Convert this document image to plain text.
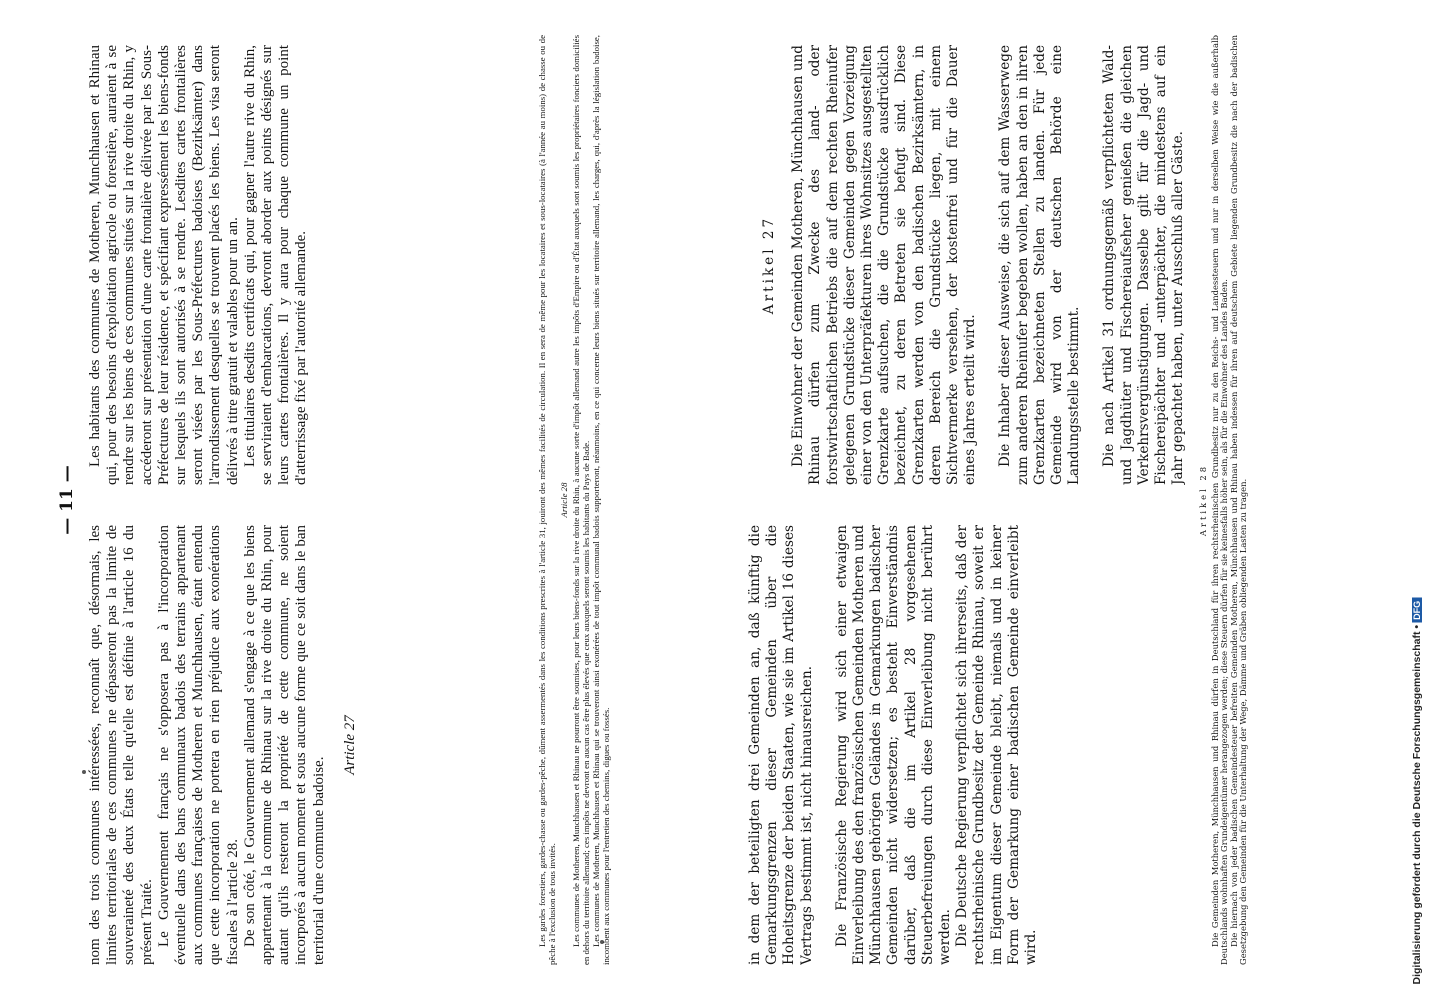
— 11 —
in dem der beteiligten drei Gemeinden an, daß künftig die Gemarkungsgrenzen dieser Gemeinden über die Hoheitsgrenze der beiden Staaten, wie sie im Artikel 16 dieses Vertrags bestimmt ist, nicht hinausreichen. Die Französische Regierung wird sich einer etwaigen Einverleibung des den französischen Gemeinden Motheren und Münchhausen gehörigen Geländes in Gemarkungen badischer Gemeinden nicht widersetzen; es besteht Einverständnis darüber, daß die im Artikel 28 vorgesehenen Steuerbefreiungen durch diese Einverleibung nicht berührt werden. Die Deutsche Regierung verpflichtet sich ihrerseits, daß der rechtsrheinische Grundbesitz der Gemeinde Rhinau, soweit er im Eigentum dieser Gemeinde bleibt, niemals und in keiner Form der Gemarkung einer badischen Gemeinde einverleibt wird.
Artikel 27 Die Einwohner der Gemeinden Motheren, Münchhausen und Rhinau dürfen zum Zwecke des land- oder forstwirtschaftlichen Betriebs die auf dem rechten Rheinufer gelegenen Grundstücke dieser Gemeinden gegen Vorzeigung einer von den Unterpräfekturen ihres Wohnsitzes ausgestellten Grenzkarte aufsuchen, die die Grundstücke ausdrücklich bezeichnet, zu deren Betreten sie befugt sind. Diese Grenzkarten werden von den badischen Bezirksämtern, in deren Bereich die Grundstücke liegen, mit einem Sichtvermerke versehen, der kostenfrei und für die Dauer eines Jahres erteilt wird. Die Inhaber dieser Ausweise, die sich auf dem Wasserwege zum anderen Rheinufer begeben wollen, haben an den in ihren Grenzkarten bezeichneten Stellen zu landen. Für jede Gemeinde wird von der deutschen Behörde eine Landungsstelle bestimmt. Die nach Artikel 31 ordnungsgemäß verpflichteten Wald- und Jagdhüter und Fischereiaufseher genießen die gleichen Verkehrsvergünstigungen. Dasselbe gilt für die Jagd- und Fischereipächter und -unterpächter, die mindestens auf ein Jahr gepachtet haben, unter Ausschluß aller Gäste.
nom des trois communes intéressées, reconnaît que, désormais, les limites territoriales de ces communes ne dépasseront pas la limite de souveraineté des deux États telle qu'elle est définie à l'article 16 du présent Traité. Le Gouvernement français ne s'opposera pas à l'incorporation éventuelle dans des bans communaux badois des terrains appartenant aux communes françaises de Motheren et Munchhausen, étant entendu que cette incorporation ne portera en rien préjudice aux exonérations fiscales à l'article 28. De son côté, le Gouvernement allemand s'engage à ce que les biens appartenant à la commune de Rhinau sur la rive droite du Rhin, pour autant qu'ils resteront la propriété de cette commune, ne soient incorporés à aucun moment et sous aucune forme que ce soit dans le ban territorial d'une commune badoise.
Article 27
Les habitants des communes de Motheren, Munchhausen et Rhinau qui, pour des besoins d'exploitation agricole ou forestière, auraient à se rendre sur les biens de ces communes situés sur la rive droite du Rhin, y accéderont sur présentation d'une carte frontalière délivrée par les Sous-Préfectures de leur résidence, et spécifiant expressément les biens-fonds sur lesquels ils sont autorisés à se rendre. Lesdites cartes frontalières seront visées par les Sous-Préfectures badoises (Bezirksämter) dans l'arrondissement desquelles se trouvent placés les biens. Les visa seront délivrés à titre gratuit et valables pour un an. Les titulaires desdits certificats qui, pour gagner l'autre rive du Rhin, se serviraient d'embarcations, devront aborder aux points désignés sur leurs cartes frontalières. Il y aura pour chaque commune un point d'atterrissage fixé par l'autorité allemande.
Digitalisierung gefördert durch die Deutsche Forschungsgemeinschaft •DFG
Artikel 28 Die Gemeinden Motheren, Münchhausen und Rhinau dürfen in Deutschland für ihren rechtsrheinischen Grundbesitz nur zu den Reichs- und Landessteuern und nur in derselben Weise wie die außerhalb Deutschlands wohnhaften Grundeigentümer herangezogen werden; diese Steuern dürfen für sie keinesfalls höher sein, als für die Einwohner des Landes Baden. Die hiernach von jeder badischen Gemeindesteuer befreiten Gemeinden Motheren, Münchhausen und Rhinau haben indessen für ihren auf deutschem Gebiete liegenden Grundbesitz die nach der badischen Gesetzgebung den Gemeinden für die Unterhaltung der Wege, Dämme und Gräben obliegenden Lasten zu tragen.
Les gardes forestiers, gardes-chasse ou gardes-pêche, dûment assermentés dans les conditions prescrites à l'article 31, jouiront des mêmes facilités de circulation. Il en sera de même pour les locataires et sous-locataires (à l'année au moins) de chasse ou de pêche à l'exclusion de tous invités.
Article 28 Les communes de Motheren, Munchhausen et Rhinau ne pourront être soumises, pour leurs biens-fonds sur la rive droite du Rhin, à aucune sorte d'impôt allemand autre les impôts d'Empire ou d'État auxquels sont soumis les propriétaires fonciers domiciliés en dehors du territoire allemand; ces impôts ne devront en aucun cas être plus élevés que ceux auxquels seront soumis les habitants du Pays de Bade. Les communes de Motheren, Munchhausen et Rhinau qui se trouveront ainsi exonérées de tout impôt communal badois supporteront, néanmoins, en ce qui concerne leurs biens situés sur territoire allemand, les charges, qui, d'après la législation badoise, incombent aux communes pour l'entretien des chemins, digues ou fossés.
